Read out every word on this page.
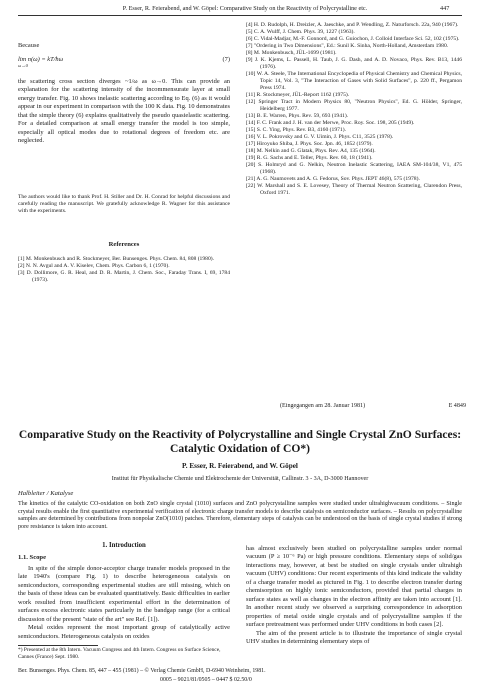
P. Esser, R. Feierabend, and W. Göpel: Comparative Study on the Reactivity of Polycrystalline etc.	447
Because
lim n(ω) = kT/ħω
ω→0
(7)
the scattering cross section diverges ~1/ω as ω→0. This can provide an explanation for the scattering intensity of the incommensurate layer at small energy transfer. Fig. 10 shows inelastic scattering according to Eq. (6) as it would appear in our experiment in comparison with the 100 K data. Fig. 10 demonstrates that the simple theory (6) explains qualitatively the pseudo quasielastic scattering. For a detailed comparison at small energy transfer the model is too simple, especially all optical modes due to rotational degrees of freedom etc. are neglected.
The authors would like to thank Prof. H. Stiller and Dr. H. Conrad for helpful discussions and carefully reading the manuscript. We gratefully acknowledge R. Wagner for this assistance with the experiments.
References
[1] M. Monkenbusch and R. Stockmeyer, Ber. Bunsenges. Phys. Chem. 84, 808 (1980).
[2] N. N. Avgul and A. V. Kiselev, Chem. Phys. Carbon 6, 1 (1970).
[3] D. Dollimore, G. R. Heal, and D. R. Martin, J. Chem. Soc., Faraday Trans. I, 69, 1784 (1973).
[4] H. D. Rudolph, H. Dreizler, A. Jaeschke, and P. Wendling, Z. Naturforsch. 22a, 940 (1967).
[5] C. A. Wulff, J. Chem. Phys. 39, 1227 (1963).
[6] C. Vidal-Madjar, M.-F. Gonnord, and G. Guiochon, J. Colloid Interface Sci. 52, 102 (1975).
[7] "Ordering in Two Dimensions", Ed.: Sunil K. Sinha, North-Holland, Amsterdam 1980.
[8] M. Monkenbusch, JÜL-1699 (1981).
[9] J. K. Kjems, L. Passell, H. Taub, J. G. Dash, and A. D. Novaco, Phys. Rev. B13, 1446 (1976).
[10] W. A. Steele, The International Encyclopedia of Physical Chemistry and Chemical Physics, Topic 14, Vol. 3, "The Interaction of Gases with Solid Surfaces", p. 220 ff., Pergamon Press 1974.
[11] R. Stockmeyer, JÜL-Report 1162 (1975).
[12] Springer Tract in Modern Physics 80, "Neutron Physics", Ed. G. Hölder, Springer, Heidelberg 1977.
[13] B. E. Warren, Phys. Rev. 59, 693 (1941).
[14] F. C. Frank and J. H. van der Merwe, Proc. Roy. Soc. 198, 205 (1949).
[15] S. C. Ying, Phys. Rev. B3, 4160 (1971).
[16] V. L. Pokrovsky and G. V. Uimin, J. Phys. C11, 3525 (1978).
[17] Hiroyuko Shiba, J. Phys. Soc. Jpn. 46, 1852 (1979).
[18] M. Nelkin and G. Glatak, Phys. Rev. A4, 135 (1964).
[19] R. G. Sachs and E. Teller, Phys. Rev. 60, 18 (1941).
[20] S. Holmryd and G. Nelkin, Neutron Inelastic Scattering, IAEA SM-104/38, V1, 475 (1968).
[21] A. G. Naumovets and A. G. Fedorus, Sov. Phys. JEPT 46(8), 575 (1978).
[22] W. Marshall and S. E. Lovesey, Theory of Thermal Neutron Scattering, Clarendon Press, Oxford 1971.
(Eingegangen am 28. Januar 1981)	E 4849
Comparative Study on the Reactivity of Polycrystalline and Single Crystal ZnO Surfaces: Catalytic Oxidation of CO*)
P. Esser, R. Feierabend, and W. Göpel
Institut für Physikalische Chemie und Elektrochemie der Universität, Callinstr. 3 - 3A, D-3000 Hannover
Halbleiter / Katalyse
The kinetics of the catalytic CO-oxidation on both ZnO single crystal (1010) surfaces and ZnO polycrystalline samples were studied under ultrahighvacuum conditions. – Single crystal results enable the first quantitative experimental verification of electronic charge transfer models to describe catalysis on semiconductor surfaces. – Results on polycrystalline samples are determined by contributions from nonpolar ZnO(1010) patches. Therefore, elementary steps of catalysis can be understood on the basis of single crystal studies if strong pore resistance is taken into account.
1. Introduction
1.1. Scope

In spite of the simple donor-acceptor charge transfer models proposed in the late 1940's (compare Fig. 1) to describe heterogeneous catalysis on semiconductors, corresponding experimental studies are still missing, which on the basis of these ideas can be evaluated quantitatively. Basic difficulties in earlier work resulted from insufficient experimental effort in the determination of surfaces excess electronic states particularly in the bandgap range (for a critical discussion of the present "state of the art" see Ref. [1]).

Metal oxides represent the most important group of catalytically active semiconductors. Heterogeneous catalysis on oxides

has almost exclusively been studied on polycrystalline samples under normal vacuum (P ≥ 10⁻⁶ Pa) or high pressure conditions. Elementary steps of solid/gas interactions may, however, at best be studied on single crystals under ultrahigh vacuum (UHV) conditions: Our recent experiments of this kind indicate the validity of a charge transfer model as pictured in Fig. 1 to describe electron transfer during chemisorption on highly ionic semiconductors, provided that partial charges in surface states as well as changes in the electron affinity are taken into account [1]. In another recent study we observed a surprising correspondence in adsorption properties of metal oxide single crystals and of polycrystalline samples if the surface pretreatment was performed under UHV conditions in both cases [2].

The aim of the present article is to illustrate the importance of single crystal UHV studies in determining elementary steps of

*) Presented at the 8th Intern. Vacuum Congress and 4th Intern. Congress on Surface Science, Cannes (France) Sept. 1980.
Ber. Bunsenges. Phys. Chem. 85, 447 – 455 (1981) – © Verlag Chemie GmbH, D-6940 Weinheim, 1981.
0005 – 9021/81/0505 – 0447 $ 02.50/0
